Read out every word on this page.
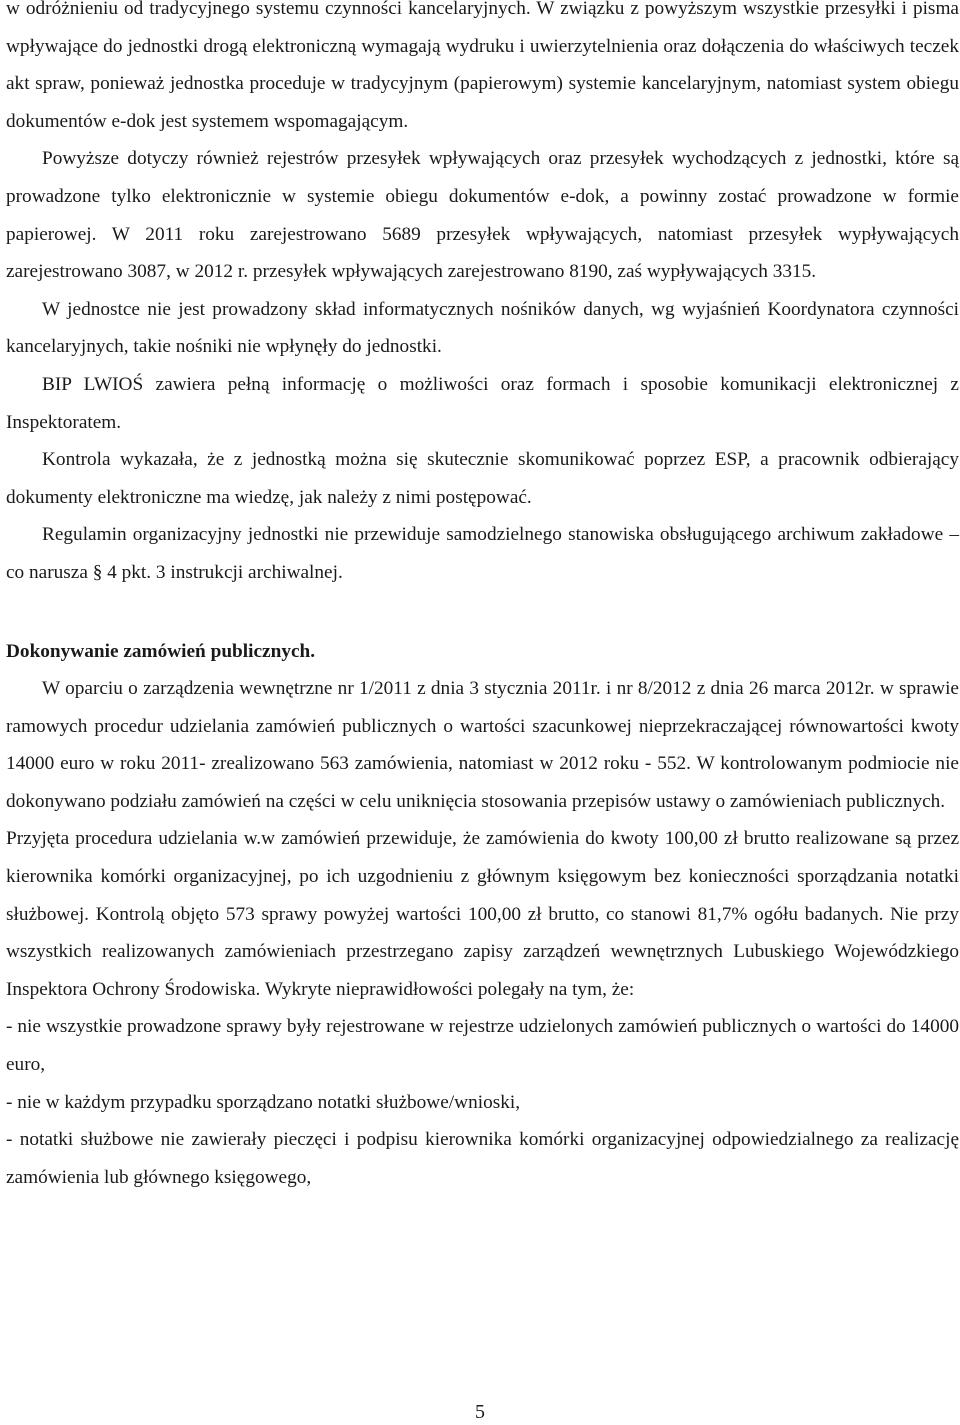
w odróżnieniu od tradycyjnego systemu czynności kancelaryjnych. W związku z powyższym wszystkie przesyłki i pisma wpływające do jednostki drogą elektroniczną wymagają wydruku i uwierzytelnienia oraz dołączenia do właściwych teczek akt spraw, ponieważ jednostka proceduje w tradycyjnym (papierowym) systemie kancelaryjnym, natomiast system obiegu dokumentów e-dok jest systemem wspomagającym.

Powyższe dotyczy również rejestrów przesyłek wpływających oraz przesyłek wychodzących z jednostki, które są prowadzone tylko elektronicznie w systemie obiegu dokumentów e-dok, a powinny zostać prowadzone w formie papierowej. W 2011 roku zarejestrowano 5689 przesyłek wpływających, natomiast przesyłek wypływających zarejestrowano 3087, w 2012 r. przesyłek wpływających zarejestrowano 8190, zaś wypływających 3315.

W jednostce nie jest prowadzony skład informatycznych nośników danych, wg wyjaśnień Koordynatora czynności kancelaryjnych, takie nośniki nie wpłynęły do jednostki.

BIP LWIOŚ zawiera pełną informację o możliwości oraz formach i sposobie komunikacji elektronicznej z Inspektoratem.

Kontrola wykazała, że z jednostką można się skutecznie skomunikować poprzez ESP, a pracownik odbierający dokumenty elektroniczne ma wiedzę, jak należy z nimi postępować.

Regulamin organizacyjny jednostki nie przewiduje samodzielnego stanowiska obsługującego archiwum zakładowe – co narusza § 4 pkt. 3 instrukcji archiwalnej.

Dokonywanie zamówień publicznych.

W oparciu o zarządzenia wewnętrzne nr 1/2011 z dnia 3 stycznia 2011r. i nr 8/2012 z dnia 26 marca 2012r. w sprawie ramowych procedur udzielania zamówień publicznych o wartości szacunkowej nieprzekraczającej równowartości kwoty 14000 euro w roku 2011- zrealizowano 563 zamówienia, natomiast w 2012 roku - 552. W kontrolowanym podmiocie nie dokonywano podziału zamówień na części w celu uniknięcia stosowania przepisów ustawy o zamówieniach publicznych.

Przyjęta procedura udzielania w.w zamówień przewiduje, że zamówienia do kwoty 100,00 zł brutto realizowane są przez kierownika komórki organizacyjnej, po ich uzgodnieniu z głównym księgowym bez konieczności sporządzania notatki służbowej. Kontrolą objęto 573 sprawy powyżej wartości 100,00 zł brutto, co stanowi 81,7% ogółu badanych. Nie przy wszystkich realizowanych zamówieniach przestrzegano zapisy zarządzeń wewnętrznych Lubuskiego Wojewódzkiego Inspektora Ochrony Środowiska. Wykryte nieprawidłowości polegały na tym, że:

- nie wszystkie prowadzone sprawy były rejestrowane w rejestrze udzielonych zamówień publicznych o wartości do 14000 euro,

- nie w każdym przypadku sporządzano notatki służbowe/wnioski,

- notatki służbowe nie zawierały pieczęci i podpisu kierownika komórki organizacyjnej odpowiedzialnego za realizację zamówienia lub głównego księgowego,

5
